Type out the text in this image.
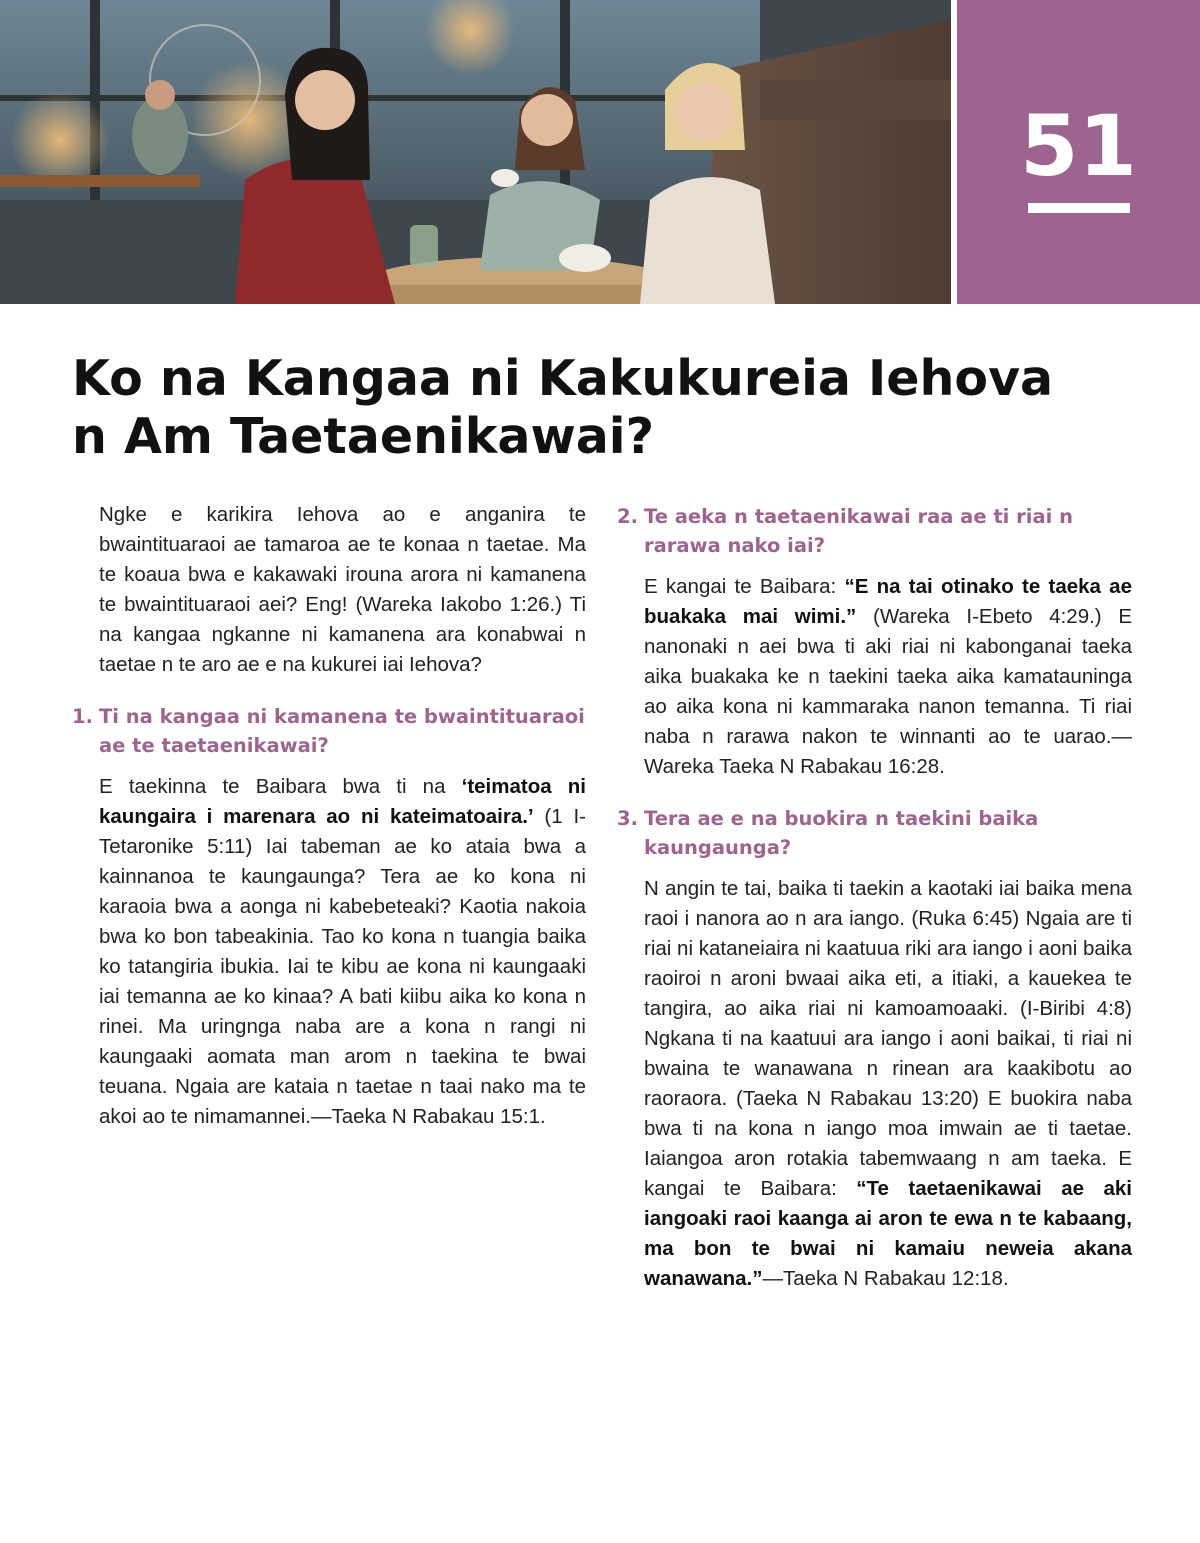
51
Ko na Kangaa ni Kakukureia Iehova
n Am Taetaenikawai?

Ngke e karikira Iehova ao e anganira te bwaintituaraoi ae tamaroa ae te konaa n taetae. Ma te koaua bwa e kakawaki irouna arora ni kamanena te bwaintituaraoi aei? Eng! (Wareka Iakobo 1:26.) Ti na kangaa ngkanne ni kamanena ara konabwai n taetae n te aro ae e na kukurei iai Iehova?

1. Ti na kangaa ni kamanena te bwaintituaraoi ae te taetaenikawai?

E taekinna te Baibara bwa ti na ‘teimatoa ni kaungaira i marenara ao ni kateimatoaira.’ (1 I-Tetaronike 5:11) Iai tabeman ae ko ataia bwa a kainnanoa te kaungaunga? Tera ae ko kona ni karaoia bwa a aonga ni kabebeteaki? Kaotia nakoia bwa ko bon tabeakinia. Tao ko kona n tuangia baika ko tatangiria ibukia. Iai te kibu ae kona ni kaungaaki iai temanna ae ko kinaa? A bati kiibu aika ko kona n rinei. Ma uringnga naba are a kona n rangi ni kaungaaki aomata man arom n taekina te bwai teuana. Ngaia are kataia n taetae n taai nako ma te akoi ao te nimamannei.—Taeka N Rabakau 15:1.

2. Te aeka n taetaenikawai raa ae ti riai n rarawa nako iai?

E kangai te Baibara: “E na tai otinako te taeka ae buakaka mai wimi.” (Wareka I-Ebeto 4:29.) E nanonaki n aei bwa ti aki riai ni kabonganai taeka aika buakaka ke n taekini taeka aika kamatauninga ao aika kona ni kammaraka nanon temanna. Ti riai naba n rarawa nakon te winnanti ao te uarao.—Wareka Taeka N Rabakau 16:28.

3. Tera ae e na buokira n taekini baika kaungaunga?

N angin te tai, baika ti taekin a kaotaki iai baika mena raoi i nanora ao n ara iango. (Ruka 6:45) Ngaia are ti riai ni kataneiaira ni kaatuua riki ara iango i aoni baika raoiroi n aroni bwaai aika eti, a itiaki, a kauekea te tangira, ao aika riai ni kamoamoaaki. (I-Biribi 4:8) Ngkana ti na kaatuui ara iango i aoni baikai, ti riai ni bwaina te wanawana n rinean ara kaakibotu ao raoraora. (Taeka N Rabakau 13:20) E buokira naba bwa ti na kona n iango moa imwain ae ti taetae. Iaiangoa aron rotakia tabemwaang n am taeka. E kangai te Baibara: “Te taetaenikawai ae aki iangoaki raoi kaanga ai aron te ewa n te kabaang, ma bon te bwai ni kamaiu neweia akana wanawana.”—Taeka N Rabakau 12:18.
